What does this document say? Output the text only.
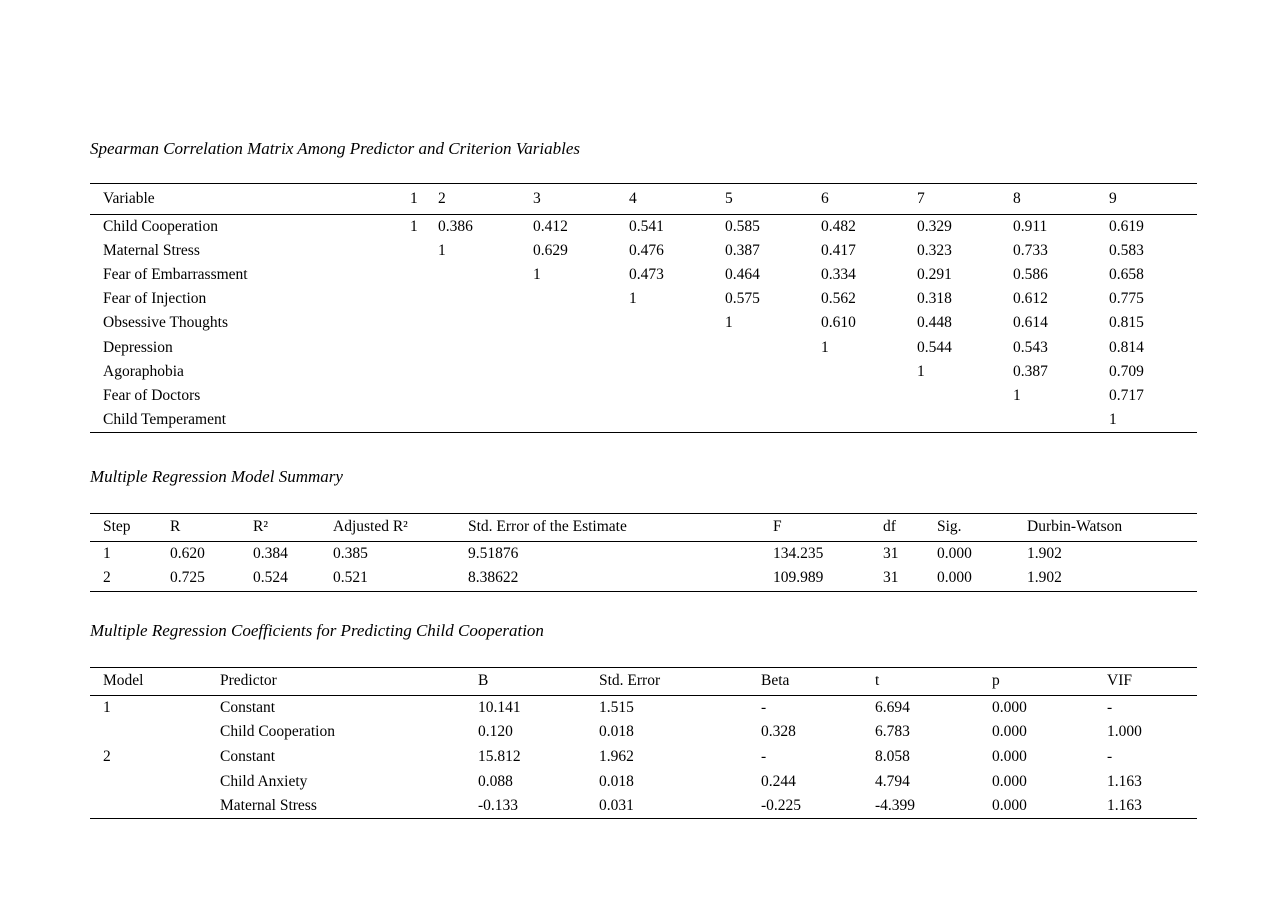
Spearman Correlation Matrix Among Predictor and Criterion Variables
Variable	1	2	3	4	5	6	7	8	9
Child Cooperation	1	0.386	0.412	0.541	0.585	0.482	0.329	0.911	0.619
Maternal Stress		1	0.629	0.476	0.387	0.417	0.323	0.733	0.583
Fear of Embarrassment			1	0.473	0.464	0.334	0.291	0.586	0.658
Fear of Injection				1	0.575	0.562	0.318	0.612	0.775
Obsessive Thoughts					1	0.610	0.448	0.614	0.815
Depression						1	0.544	0.543	0.814
Agoraphobia							1	0.387	0.709
Fear of Doctors								1	0.717
Child Temperament									1
Multiple Regression Model Summary
Step	R	R²	Adjusted R²	Std. Error of the Estimate	F	df	Sig.	Durbin-Watson
1	0.620	0.384	0.385	9.51876	134.235	31	0.000	1.902
2	0.725	0.524	0.521	8.38622	109.989	31	0.000	1.902
Multiple Regression Coefficients for Predicting Child Cooperation
Model	Predictor	B	Std. Error	Beta	t	p	VIF
1	Constant	10.141	1.515	-	6.694	0.000	-
	Child Cooperation	0.120	0.018	0.328	6.783	0.000	1.000
2	Constant	15.812	1.962	-	8.058	0.000	-
	Child Anxiety	0.088	0.018	0.244	4.794	0.000	1.163
	Maternal Stress	-0.133	0.031	-0.225	-4.399	0.000	1.163
